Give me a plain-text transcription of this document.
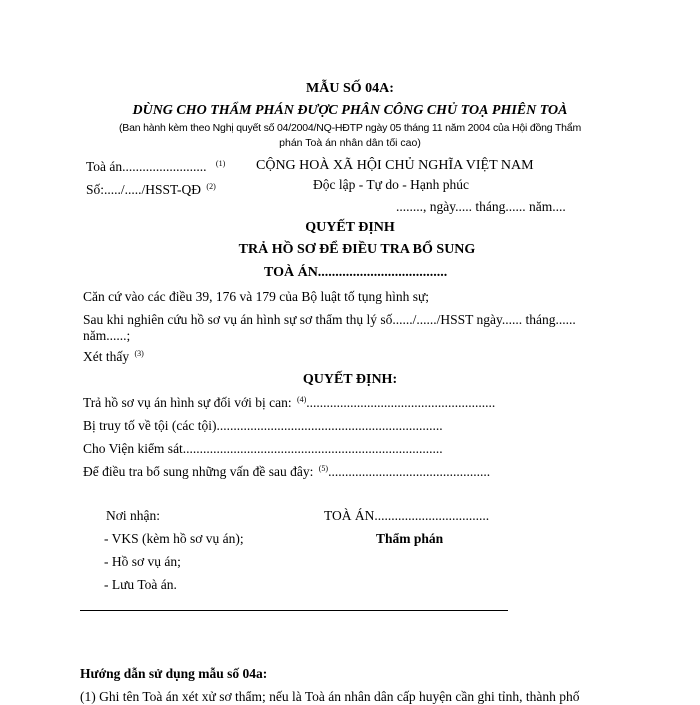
MẪU SỐ 04A:
DÙNG CHO THẨM PHÁN ĐƯỢC PHÂN CÔNG CHỦ TOẠ PHIÊN TOÀ
(Ban hành kèm theo Nghị quyết số 04/2004/NQ-HĐTP ngày 05 tháng 11 năm 2004 của Hội đồng Thẩm
phán Toà án nhân dân tối cao)
Toà án......................... $^{(1)}$
Số:...../...../HSST-QĐ $^{(2)}$
CỘNG HOÀ XÃ HỘI CHỦ NGHĨA VIỆT NAM
Độc lập - Tự do - Hạnh phúc
........, ngày..... tháng...... năm....
QUYẾT ĐỊNH
TRẢ HỒ SƠ ĐỂ ĐIỀU TRA BỔ SUNG
TOÀ ÁN.....................................
Căn cứ vào các điều 39, 176 và 179 của Bộ luật tố tụng hình sự;
Sau khi nghiên cứu hồ sơ vụ án hình sự sơ thẩm thụ lý số....../....../HSST ngày...... tháng......
năm......;
Xét thấy $^{(3)}$
QUYẾT ĐỊNH:
Trả hồ sơ vụ án hình sự đối với bị can: $^{(4)}$........................................................
Bị truy tố về tội (các tội)...................................................................
Cho Viện kiểm sát.............................................................................
Để điều tra bổ sung những vấn đề sau đây: $^{(5)}$................................................
Nơi nhận:
- VKS (kèm hồ sơ vụ án);
- Hồ sơ vụ án;
- Lưu Toà án.
TOÀ ÁN..................................
Thẩm phán
Hướng dẫn sử dụng mẫu số 04a:
(1) Ghi tên Toà án xét xử sơ thẩm; nếu là Toà án nhân dân cấp huyện cần ghi tỉnh, thành phố
